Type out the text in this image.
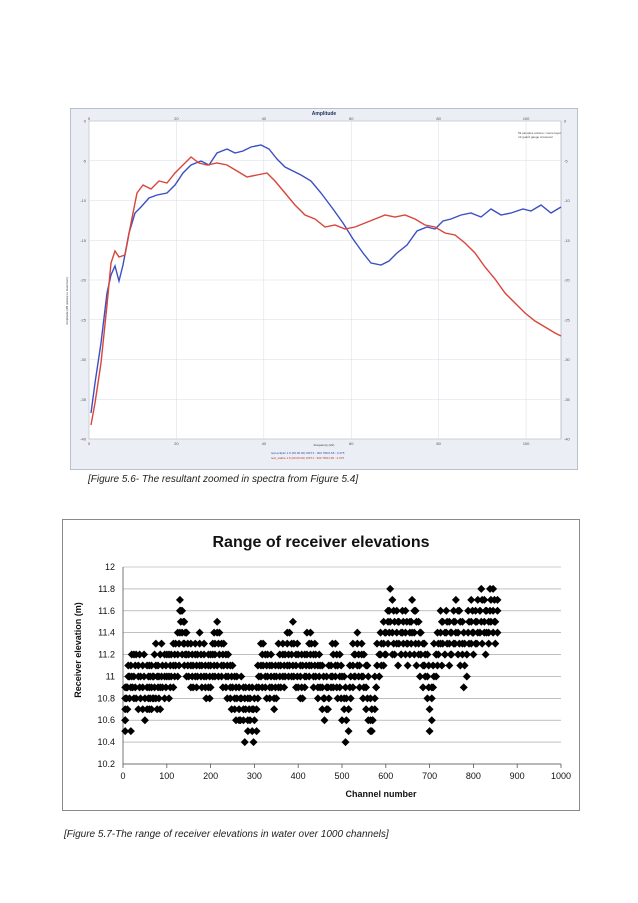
0	0
-5	-5
-10	-10
-15	-15
-20	-20
-25	-25
-30	-30
-35	-35
-40	-40
0
0
20
20
40
40
60
60
80
80
100
100
Amplitude
5k samples volume / some layer
12 guard gauge crossover
Frequency (Hz)
Amplitude (dB relative to maximum)
test.ecliptic 1.5 (00.00.00) WFT1 : 300 780/1.65 : 4.375
test_stable 1.5 (00.00.00) WFT1 : 300 780/1.65 : 4.375
[Figure 5.6- The resultant zoomed in spectra from Figure 5.4]
10.2
10.4
10.6
10.8
11
11.2
11.4
11.6
11.8
12
0	100	200	300	400	500	600	700	800	900	1000
Range of receiver elevations
Receiver elevation (m)
Channel number
[Figure 5.7-The range of receiver elevations in water over 1000 channels]
